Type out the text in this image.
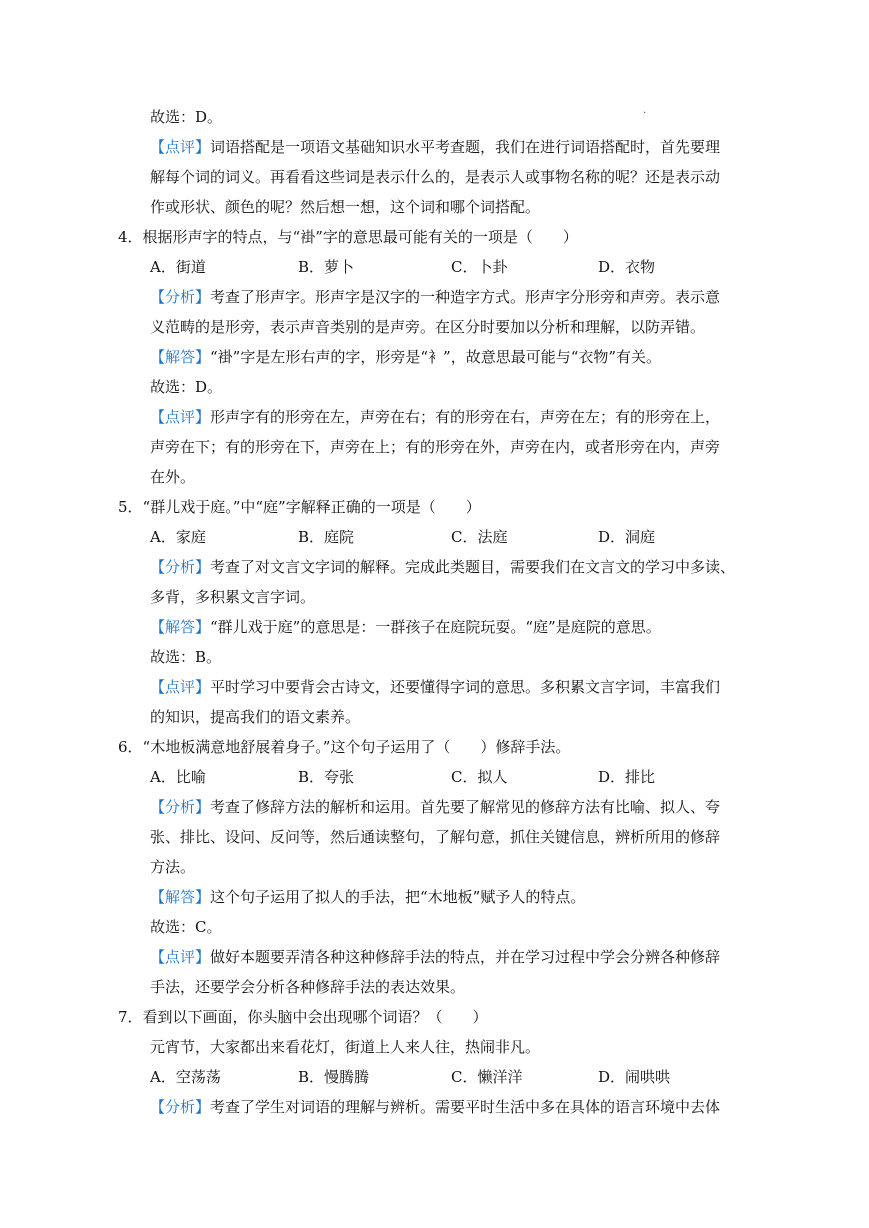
·
故选：D。
【点评】词语搭配是一项语文基础知识水平考查题，我们在进行词语搭配时，首先要理
解每个词的词义。再看看这些词是表示什么的，是表示人或事物名称的呢？还是表示动
作或形状、颜色的呢？然后想一想，这个词和哪个词搭配。
4．根据形声字的特点，与“褂”字的意思最可能有关的一项是（　　）
A．街道	B．萝卜	C．卜卦	D．衣物
【分析】考查了形声字。形声字是汉字的一种造字方式。形声字分形旁和声旁。表示意
义范畴的是形旁，表示声音类别的是声旁。在区分时要加以分析和理解，以防弄错。
【解答】“褂”字是左形右声的字，形旁是“衤”，故意思最可能与“衣物”有关。
故选：D。
【点评】形声字有的形旁在左，声旁在右；有的形旁在右，声旁在左；有的形旁在上，
声旁在下；有的形旁在下，声旁在上；有的形旁在外，声旁在内，或者形旁在内，声旁
在外。
5．“群儿戏于庭。”中“庭”字解释正确的一项是（　　）
A．家庭	B．庭院	C．法庭	D．洞庭
【分析】考查了对文言文字词的解释。完成此类题目，需要我们在文言文的学习中多读、
多背，多积累文言字词。
【解答】“群儿戏于庭”的意思是：一群孩子在庭院玩耍。“庭”是庭院的意思。
故选：B。
【点评】平时学习中要背会古诗文，还要懂得字词的意思。多积累文言字词，丰富我们
的知识，提高我们的语文素养。
6．“木地板满意地舒展着身子。”这个句子运用了（　　）修辞手法。
A．比喻	B．夸张	C．拟人	D．排比
【分析】考查了修辞方法的解析和运用。首先要了解常见的修辞方法有比喻、拟人、夸
张、排比、设问、反问等，然后通读整句，了解句意，抓住关键信息，辨析所用的修辞
方法。
【解答】这个句子运用了拟人的手法，把“木地板”赋予人的特点。
故选：C。
【点评】做好本题要弄清各种这种修辞手法的特点，并在学习过程中学会分辨各种修辞
手法，还要学会分析各种修辞手法的表达效果。
7．看到以下画面，你头脑中会出现哪个词语？（　　）
元宵节，大家都出来看花灯，街道上人来人往，热闹非凡。
A．空荡荡	B．慢腾腾	C．懒洋洋	D．闹哄哄
【分析】考查了学生对词语的理解与辨析。需要平时生活中多在具体的语言环境中去体
